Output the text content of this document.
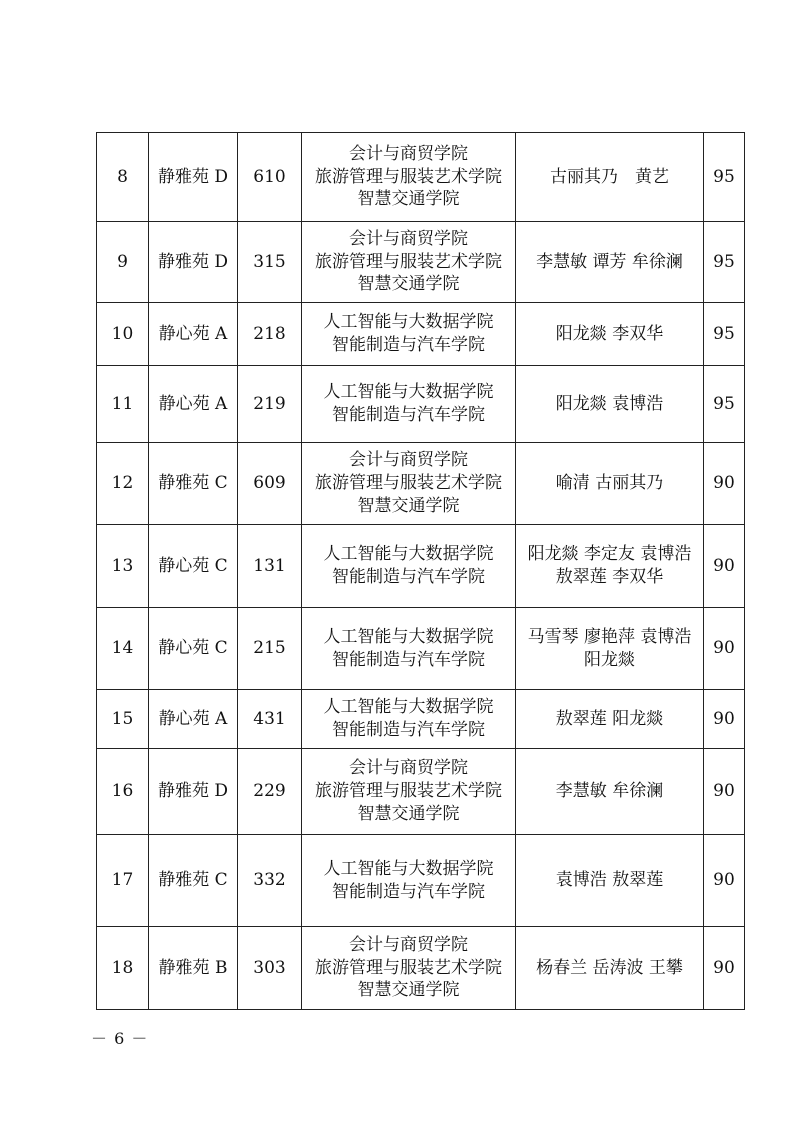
8	静雅苑 D	610	会计与商贸学院
旅游管理与服装艺术学院
智慧交通学院	古丽其乃　黄艺	95
9	静雅苑 D	315	会计与商贸学院
旅游管理与服装艺术学院
智慧交通学院	李慧敏 谭芳 牟徐澜	95
10	静心苑 A	218	人工智能与大数据学院
智能制造与汽车学院	阳龙燚 李双华	95
11	静心苑 A	219	人工智能与大数据学院
智能制造与汽车学院	阳龙燚 袁博浩	95
12	静雅苑 C	609	会计与商贸学院
旅游管理与服装艺术学院
智慧交通学院	喻清 古丽其乃	90
13	静心苑 C	131	人工智能与大数据学院
智能制造与汽车学院	阳龙燚 李定友 袁博浩
敖翠莲 李双华	90
14	静心苑 C	215	人工智能与大数据学院
智能制造与汽车学院	马雪琴 廖艳萍 袁博浩
阳龙燚	90
15	静心苑 A	431	人工智能与大数据学院
智能制造与汽车学院	敖翠莲 阳龙燚	90
16	静雅苑 D	229	会计与商贸学院
旅游管理与服装艺术学院
智慧交通学院	李慧敏 牟徐澜	90
17	静雅苑 C	332	人工智能与大数据学院
智能制造与汽车学院	袁博浩 敖翠莲	90
18	静雅苑 B	303	会计与商贸学院
旅游管理与服装艺术学院
智慧交通学院	杨春兰 岳涛波 王攀	90
－ 6 －
